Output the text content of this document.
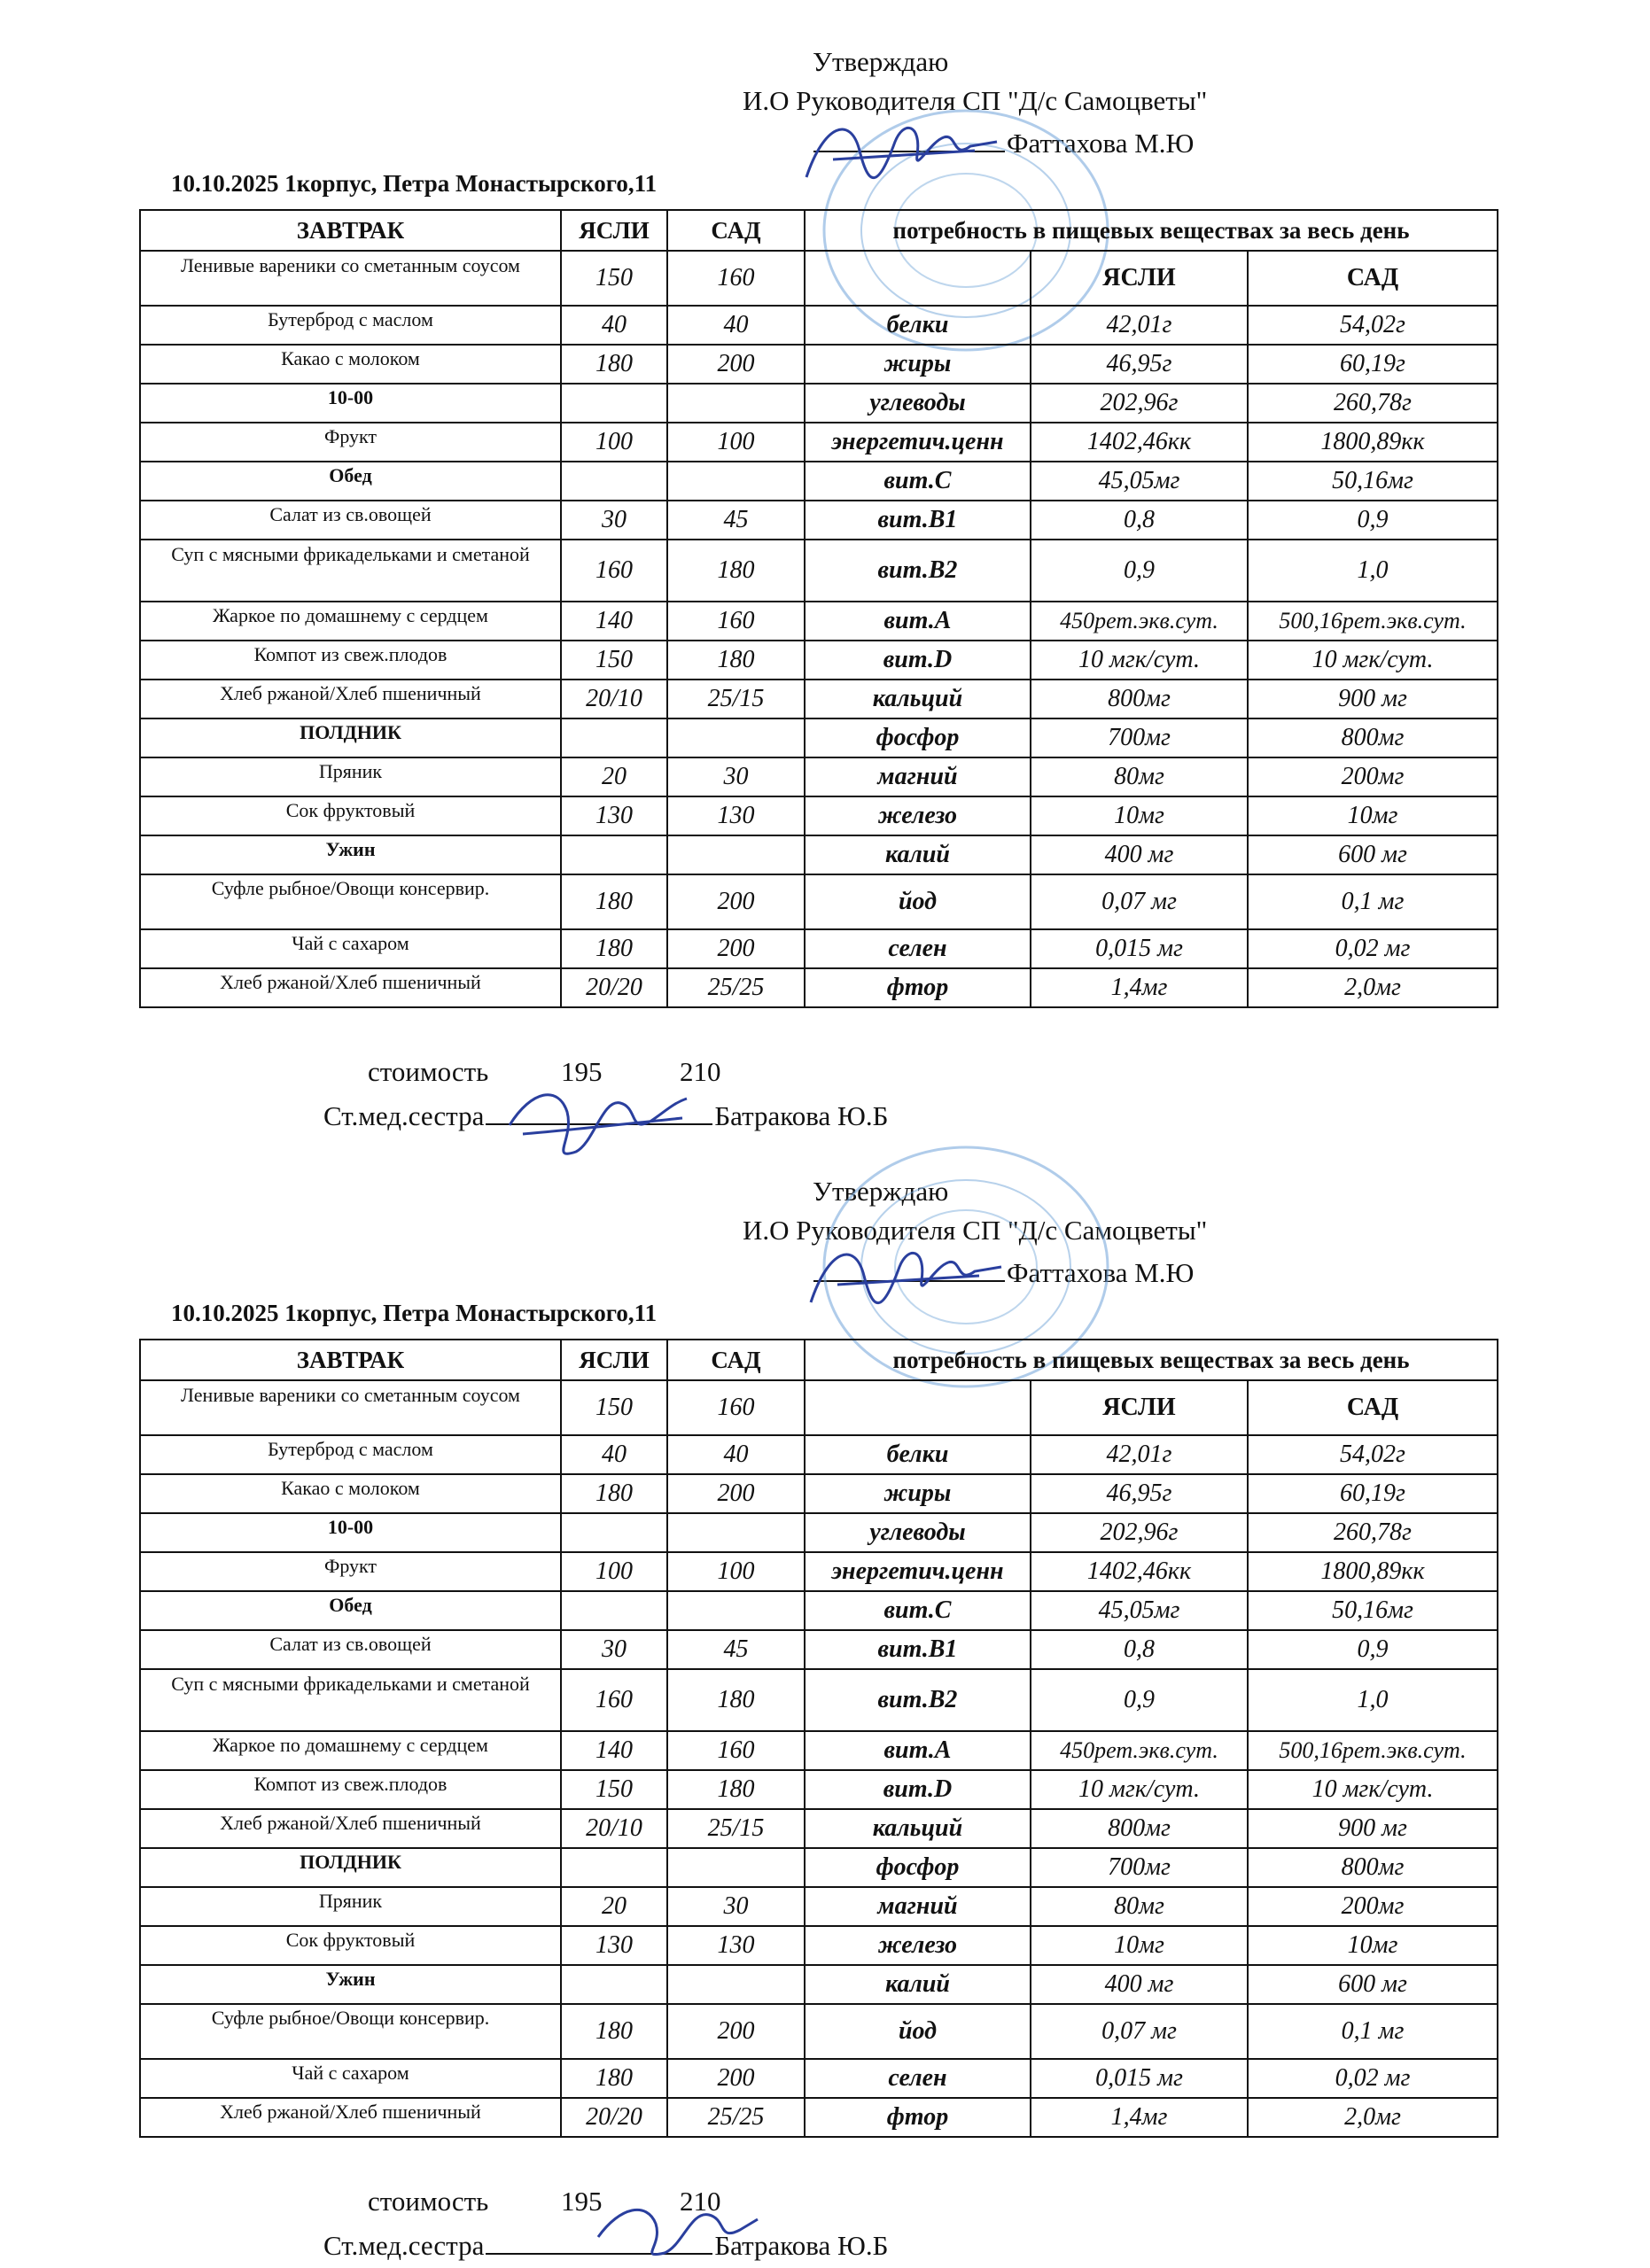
Утверждаю
И.О Руководителя СП "Д/с Самоцветы"
Фаттахова М.Ю
10.10.2025 1корпус, Петра Монастырского,11
ЗАВТРАК	ЯСЛИ	САД	потребность в пищевых веществах за весь день		
Ленивые вареники со сметанным соусом	150	160		ЯСЛИ	САД
Бутерброд с маслом	40	40	белки	42,01г	54,02г
Какао с молоком	180	200	жиры	46,95г	60,19г
10-00			углеводы	202,96г	260,78г
Фрукт	100	100	энергетич.ценн	1402,46кк	1800,89кк
Обед			вит.С	45,05мг	50,16мг
Салат из св.овощей	30	45	вит.В1	0,8	0,9
Суп с мясными фрикадельками и сметаной	160	180	вит.В2	0,9	1,0
Жаркое по домашнему с сердцем	140	160	вит.А	450рет.экв.сут.	500,16рет.экв.сут.
Компот из свеж.плодов	150	180	вит.D	10 мгк/сут.	10 мгк/сут.
Хлеб ржаной/Хлеб пшеничный	20/10	25/15	кальций	800мг	900 мг
ПОЛДНИК			фосфор	700мг	800мг
Пряник	20	30	магний	80мг	200мг
Сок фруктовый	130	130	железо	10мг	10мг
Ужин			калий	400 мг	600 мг
Суфле рыбное/Овощи консервир.	180	200	йод	0,07 мг	0,1 мг
Чай с сахаром	180	200	селен	0,015 мг	0,02 мг
Хлеб ржаной/Хлеб пшеничный	20/20	25/25	фтор	1,4мг	2,0мг
стоимость	195	210
Ст.мед.сестра	Батракова Ю.Б
Утверждаю
И.О Руководителя СП "Д/с Самоцветы"
Фаттахова М.Ю
10.10.2025 1корпус, Петра Монастырского,11
ЗАВТРАК	ЯСЛИ	САД	потребность в пищевых веществах за весь день		
Ленивые вареники со сметанным соусом	150	160		ЯСЛИ	САД
Бутерброд с маслом	40	40	белки	42,01г	54,02г
Какао с молоком	180	200	жиры	46,95г	60,19г
10-00			углеводы	202,96г	260,78г
Фрукт	100	100	энергетич.ценн	1402,46кк	1800,89кк
Обед			вит.С	45,05мг	50,16мг
Салат из св.овощей	30	45	вит.В1	0,8	0,9
Суп с мясными фрикадельками и сметаной	160	180	вит.В2	0,9	1,0
Жаркое по домашнему с сердцем	140	160	вит.А	450рет.экв.сут.	500,16рет.экв.сут.
Компот из свеж.плодов	150	180	вит.D	10 мгк/сут.	10 мгк/сут.
Хлеб ржаной/Хлеб пшеничный	20/10	25/15	кальций	800мг	900 мг
ПОЛДНИК			фосфор	700мг	800мг
Пряник	20	30	магний	80мг	200мг
Сок фруктовый	130	130	железо	10мг	10мг
Ужин			калий	400 мг	600 мг
Суфле рыбное/Овощи консервир.	180	200	йод	0,07 мг	0,1 мг
Чай с сахаром	180	200	селен	0,015 мг	0,02 мг
Хлеб ржаной/Хлеб пшеничный	20/20	25/25	фтор	1,4мг	2,0мг
стоимость	195	210
Ст.мед.сестра	Батракова Ю.Б
